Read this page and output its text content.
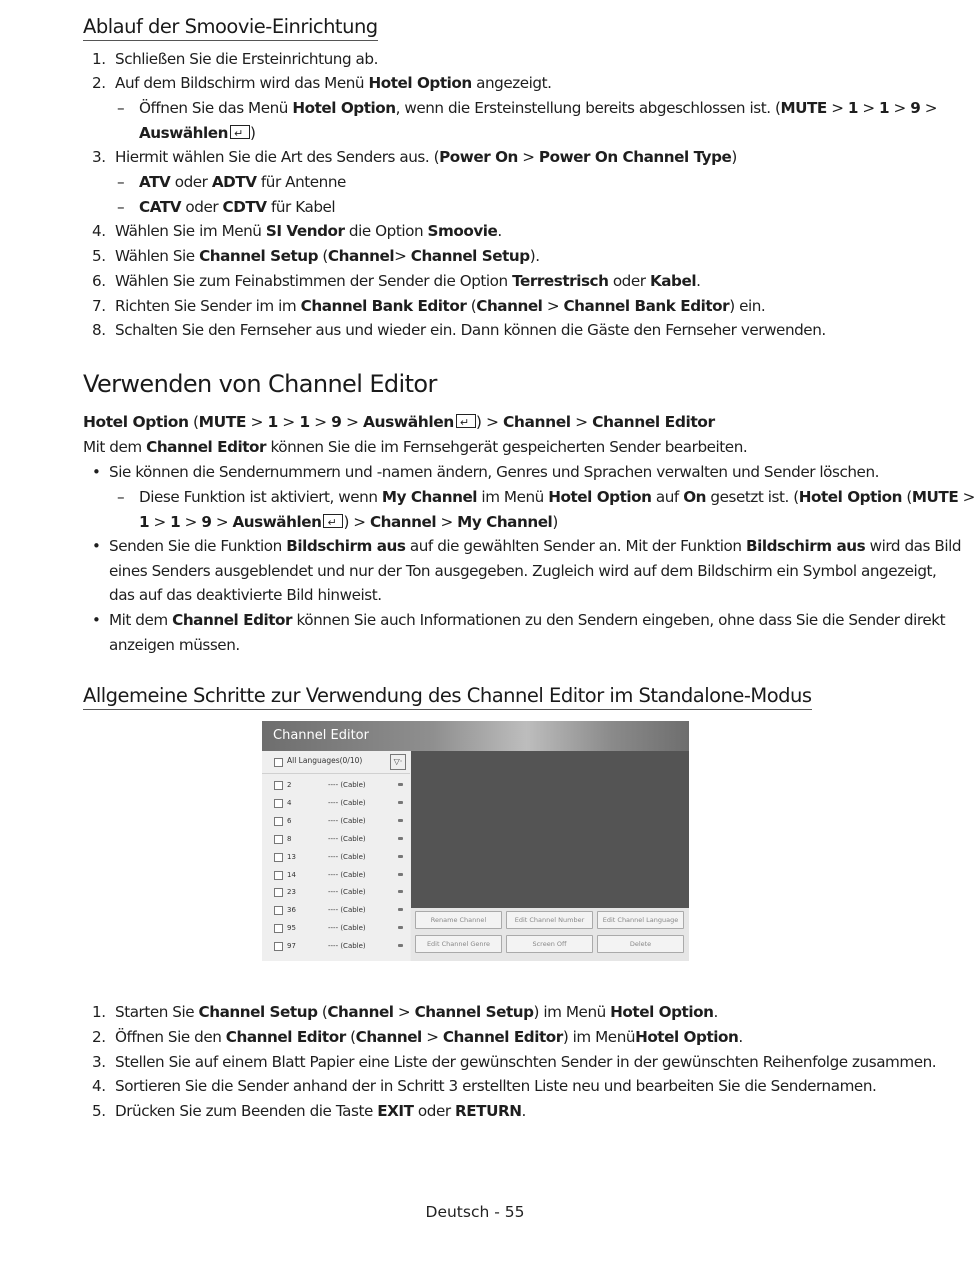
Ablauf der Smoovie-Einrichtung
1. Schließen Sie die Ersteinrichtung ab.
2. Auf dem Bildschirm wird das Menü Hotel Option angezeigt.
– Öffnen Sie das Menü Hotel Option, wenn die Ersteinstellung bereits abgeschlossen ist. (MUTE > 1 > 1 > 9 >
Auswählen ↵ )
3. Hiermit wählen Sie die Art des Senders aus. (Power On > Power On Channel Type)
– ATV oder ADTV für Antenne
– CATV oder CDTV für Kabel
4. Wählen Sie im Menü SI Vendor die Option Smoovie.
5. Wählen Sie Channel Setup (Channel> Channel Setup).
6. Wählen Sie zum Feinabstimmen der Sender die Option Terrestrisch oder Kabel.
7. Richten Sie Sender im im Channel Bank Editor (Channel > Channel Bank Editor) ein.
8. Schalten Sie den Fernseher aus und wieder ein. Dann können die Gäste den Fernseher verwenden.
Verwenden von Channel Editor
Hotel Option (MUTE > 1 > 1 > 9 > Auswählen ↵ ) > Channel > Channel Editor
Mit dem Channel Editor können Sie die im Fernsehgerät gespeicherten Sender bearbeiten.
• Sie können die Sendernummern und -namen ändern, Genres und Sprachen verwalten und Sender löschen.
– Diese Funktion ist aktiviert, wenn My Channel im Menü Hotel Option auf On gesetzt ist. (Hotel Option (MUTE >
1 > 1 > 9 > Auswählen ↵ ) > Channel > My Channel)
• Senden Sie die Funktion Bildschirm aus auf die gewählten Sender an. Mit der Funktion Bildschirm aus wird das Bild
eines Senders ausgeblendet und nur der Ton ausgegeben. Zugleich wird auf dem Bildschirm ein Symbol angezeigt,
das auf das deaktivierte Bild hinweist.
• Mit dem Channel Editor können Sie auch Informationen zu den Sendern eingeben, ohne dass Sie die Sender direkt
anzeigen müssen.
Allgemeine Schritte zur Verwendung des Channel Editor im Standalone-Modus
Channel Editor
All Languages(0/10)	▽·
2	---- (Cable)
4	---- (Cable)
6	---- (Cable)
8	---- (Cable)
13	---- (Cable)
14	---- (Cable)
23	---- (Cable)
36	---- (Cable)
95	---- (Cable)
97	---- (Cable)
Rename Channel	Edit Channel Number	Edit Channel Language
Edit Channel Genre	Screen Off	Delete
1. Starten Sie Channel Setup (Channel > Channel Setup) im Menü Hotel Option.
2. Öffnen Sie den Channel Editor (Channel > Channel Editor) im MenüHotel Option.
3. Stellen Sie auf einem Blatt Papier eine Liste der gewünschten Sender in der gewünschten Reihenfolge zusammen.
4. Sortieren Sie die Sender anhand der in Schritt 3 erstellten Liste neu und bearbeiten Sie die Sendernamen.
5. Drücken Sie zum Beenden die Taste EXIT oder RETURN.
Deutsch - 55
